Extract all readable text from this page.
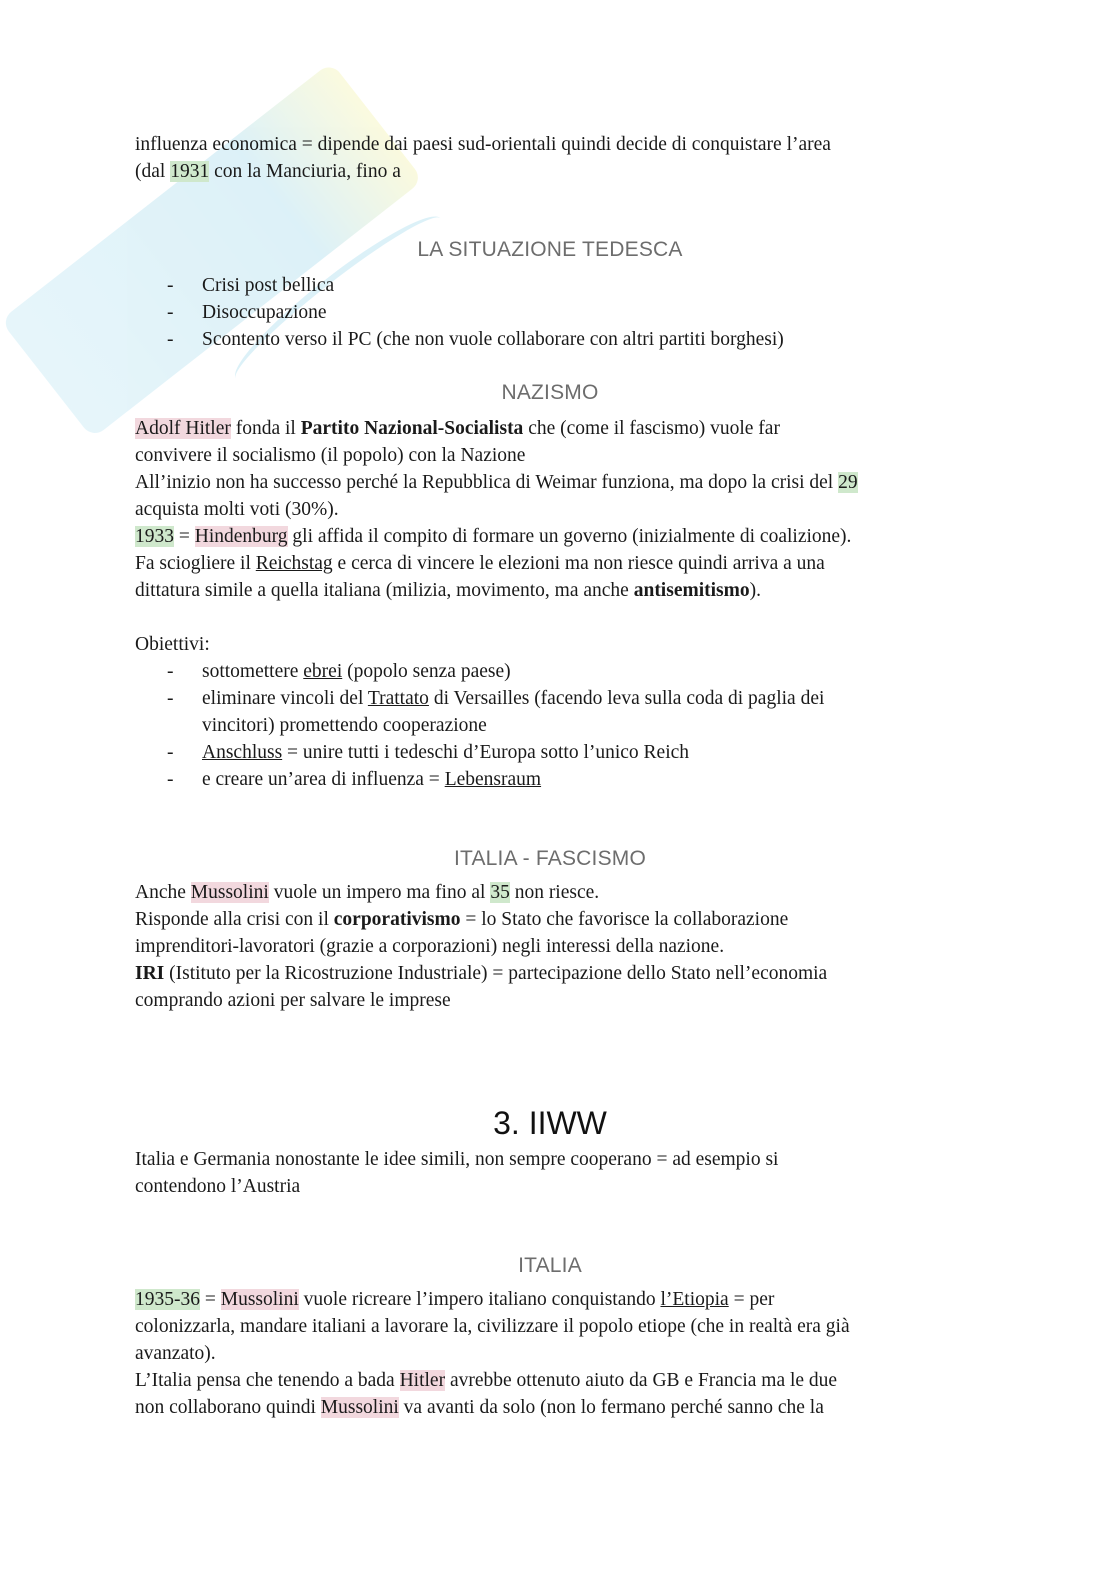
influenza economica = dipende dai paesi sud-orientali quindi decide di conquistare l’area
(dal 1931 con la Manciuria, fino a

LA SITUAZIONE TEDESCA
- Crisi post bellica
- Disoccupazione
- Scontento verso il PC (che non vuole collaborare con altri partiti borghesi)
NAZISMO

Adolf Hitler fonda il Partito Nazional-Socialista che (come il fascismo) vuole far
convivere il socialismo (il popolo) con la Nazione
All’inizio non ha successo perché la Repubblica di Weimar funziona, ma dopo la crisi del 29
acquista molti voti (30%).
1933 = Hindenburg gli affida il compito di formare un governo (inizialmente di coalizione).
Fa sciogliere il Reichstag e cerca di vincere le elezioni ma non riesce quindi arriva a una
dittatura simile a quella italiana (milizia, movimento, ma anche antisemitismo).

Obiettivi:

- sottomettere ebrei (popolo senza paese)
- eliminare vincoli del Trattato di Versailles (facendo leva sulla coda di paglia dei
vincitori) promettendo cooperazione
- Anschluss = unire tutti i tedeschi d’Europa sotto l’unico Reich
- e creare un’area di influenza = Lebensraum
ITALIA - FASCISMO

Anche Mussolini vuole un impero ma fino al 35 non riesce.
Risponde alla crisi con il corporativismo = lo Stato che favorisce la collaborazione
imprenditori-lavoratori (grazie a corporazioni) negli interessi della nazione.
IRI (Istituto per la Ricostruzione Industriale) = partecipazione dello Stato nell’economia
comprando azioni per salvare le imprese

3. IIWW

Italia e Germania nonostante le idee simili, non sempre cooperano = ad esempio si
contendono l’Austria

ITALIA

1935-36 = Mussolini vuole ricreare l’impero italiano conquistando l’Etiopia = per
colonizzarla, mandare italiani a lavorare la, civilizzare il popolo etiope (che in realtà era già
avanzato).
L’Italia pensa che tenendo a bada Hitler avrebbe ottenuto aiuto da GB e Francia ma le due
non collaborano quindi Mussolini va avanti da solo (non lo fermano perché sanno che la
